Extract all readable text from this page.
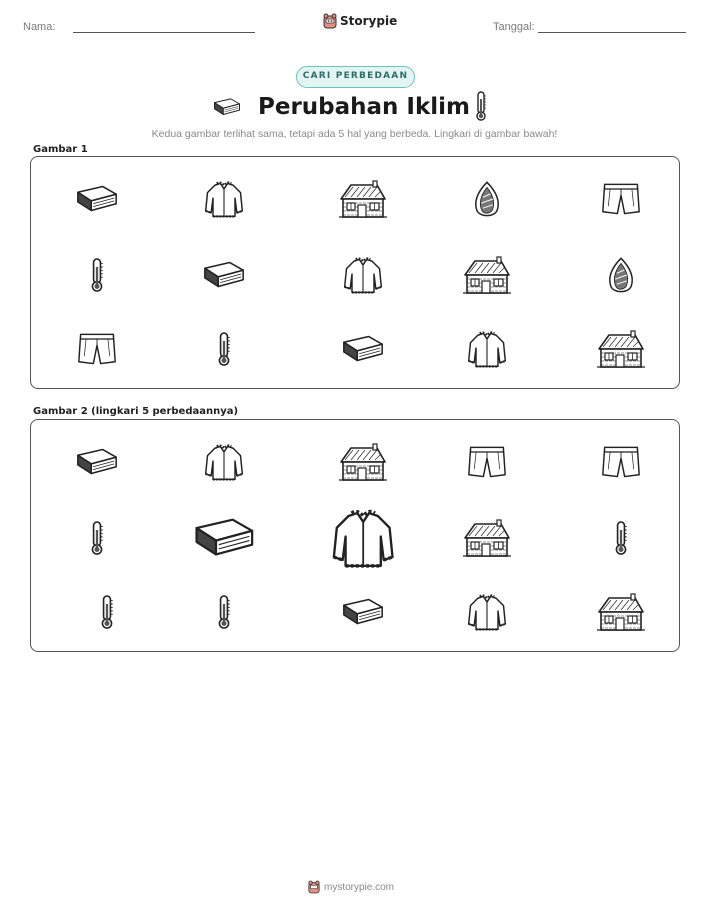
Nama:	Storypie	Tanggal:
CARI PERBEDAAN
Perubahan Iklim
Kedua gambar terlihat sama, tetapi ada 5 hal yang berbeda. Lingkari di gambar bawah!
Gambar 1
Gambar 2 (lingkari 5 perbedaannya)
mystorypie.com
